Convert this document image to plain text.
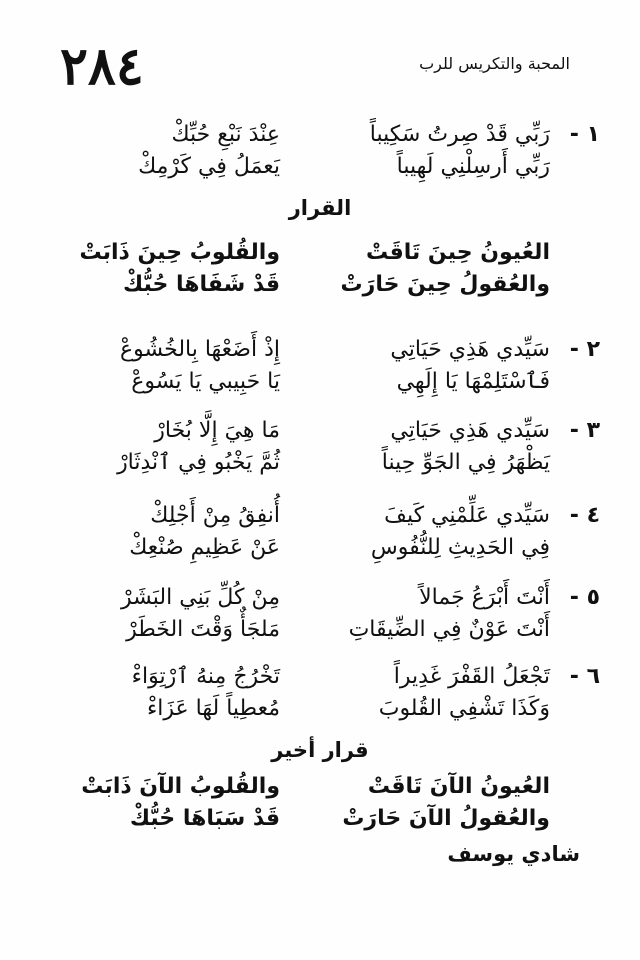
٢٨٤	المحبة والتكريس للرب
١ -
رَبِّي قَدْ صِرتُ سَكِيباً
عِنْدَ نَبْعِ حُبِّكْ
رَبِّي أَرسِلْنِي لَهِيباً
يَعمَلُ فِي كَرْمِكْ
القرار
العُيونُ حِينَ تَاقَتْ
والقُلوبُ حِينَ ذَابَتْ
والعُقولُ حِينَ حَارَتْ
قَدْ شَفَاهَا حُبُّكْ
٢ -
سَيِّدي هَذِي حَيَاتِي
إِذْ أَضَعْهَا بِالخُشُوعْ
فَٱسْتَلِمْهَا يَا إِلَهِي
يَا حَبِيبي يَا يَسُوعْ
٣ -
سَيِّدي هَذِي حَيَاتِي
مَا هِيَ إِلَّا بُخَارْ
يَظْهَرُ فِي الجَوِّ حِيناً
ثُمَّ يَخْبُو فِي ٱنْدِثَارْ
٤ -
سَيِّدي عَلِّمْنِي كَيفَ
أُنفِقُ مِنْ أَجْلِكْ
فِي الحَدِيثِ لِلنُّفُوسِ
عَنْ عَظِيمِ صُنْعِكْ
٥ -
أَنْتَ أَبْرَعُ جَمالاً
مِنْ كُلِّ بَنِي البَشَرْ
أَنْتَ عَوْنٌ فِي الضِّيقَاتِ
مَلجَأٌ وَقْتَ الخَطَرْ
٦ -
تَجْعَلُ القَفْرَ غَدِيراً
تَخْرُجُ مِنهُ ٱرْتِوَاءْ
وَكَذَا تَشْفِي القُلوبَ
مُعطِياً لَهَا عَزَاءْ
قرار أخير
العُيونُ الآنَ تَاقَتْ
والقُلوبُ الآنَ ذَابَتْ
والعُقولُ الآنَ حَارَتْ
قَدْ سَبَاهَا حُبُّكْ
شادي يوسف
